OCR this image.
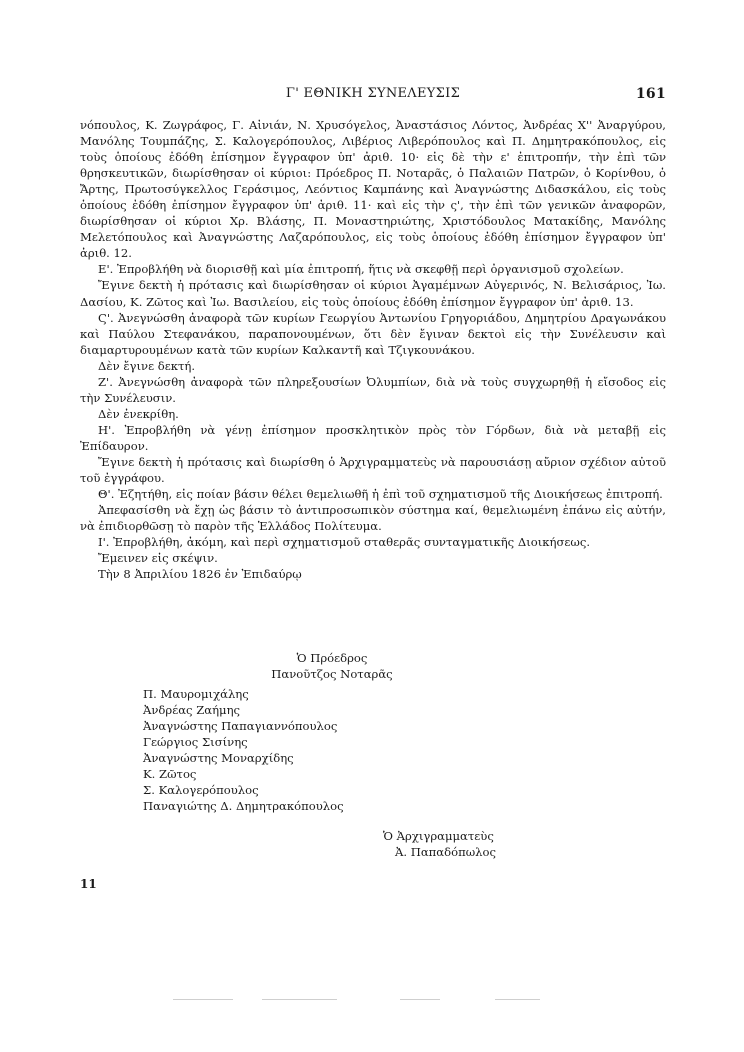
Γ' ΕΘΝΙΚΗ ΣΥΝΕΛΕΥΣΙΣ	161

νόπουλος, Κ. Ζωγράφος, Γ. Αἰνιάν, Ν. Χρυσόγελος, Ἀναστάσιος Λόντος, Ἀνδρέας Χ'' Ἀναργύρου, Μανόλης Τουμπάζης, Σ. Καλογερόπουλος, Λιβέριος Λιβερόπουλος καὶ Π. Δημητρακόπουλος, εἰς τοὺς ὁποίους ἐδόθη ἐπίσημον ἔγγραφον ὑπ' ἀριθ. 10· εἰς δὲ τὴν ε' ἐπιτροπήν, τὴν ἐπὶ τῶν θρησκευτικῶν, διωρίσθησαν οἱ κύριοι: Πρόεδρος Π. Νοταρᾶς, ὁ Παλαιῶν Πατρῶν, ὁ Κορίνθου, ὁ Ἄρτης, Πρωτοσύγκελλος Γεράσιμος, Λεόντιος Καμπάνης καὶ Ἀναγνώστης Διδασκάλου, εἰς τοὺς ὁποίους ἐδόθη ἐπίσημον ἔγγραφον ὑπ' ἀριθ. 11· καὶ εἰς τὴν ς', τὴν ἐπὶ τῶν γενικῶν ἀναφορῶν, διωρίσθησαν οἱ κύριοι Χρ. Βλάσης, Π. Μοναστηριώτης, Χριστόδουλος Ματακίδης, Μανόλης Μελετόπουλος καὶ Ἀναγνώστης Λαζαρόπουλος, εἰς τοὺς ὁποίους ἐδόθη ἐπίσημον ἔγγραφον ὑπ' ἀριθ. 12.

Ε'. Ἐπροβλήθη νὰ διορισθῇ καὶ μία ἐπιτροπή, ἥτις νὰ σκεφθῇ περὶ ὀργανισμοῦ σχολείων.

Ἔγινε δεκτὴ ἡ πρότασις καὶ διωρίσθησαν οἱ κύριοι Ἀγαμέμνων Αὐγερινός, Ν. Βελισάριος, Ἰω. Δασίου, Κ. Ζῶτος καὶ Ἰω. Βασιλείου, εἰς τοὺς ὁποίους ἐδόθη ἐπίσημον ἔγγραφον ὑπ' ἀριθ. 13.

Ϛ'. Ἀνεγνώσθη ἀναφορὰ τῶν κυρίων Γεωργίου Ἀντωνίου Γρηγοριάδου, Δημητρίου Δραγωνάκου καὶ Παύλου Στεφανάκου, παραπονουμένων, ὅτι δὲν ἔγιναν δεκτοὶ εἰς τὴν Συνέλευσιν καὶ διαμαρτυρουμένων κατὰ τῶν κυρίων Καλκαντῆ καὶ Τζιγκουνάκου.

Δὲν ἔγινε δεκτή.

Ζ'. Ἀνεγνώσθη ἀναφορὰ τῶν πληρεξουσίων Ὀλυμπίων, διὰ νὰ τοὺς συγχωρηθῇ ἡ εἴσοδος εἰς τὴν Συνέλευσιν.

Δὲν ἐνεκρίθη.

Η'. Ἐπροβλήθη νὰ γένῃ ἐπίσημον προσκλητικὸν πρὸς τὸν Γόρδων, διὰ νὰ μεταβῇ εἰς Ἐπίδαυρον.

Ἔγινε δεκτὴ ἡ πρότασις καὶ διωρίσθη ὁ Ἀρχιγραμματεὺς νὰ παρουσιάσῃ αὔριον σχέδιον αὐτοῦ τοῦ ἐγγράφου.

Θ'. Ἐζητήθη, εἰς ποίαν βάσιν θέλει θεμελιωθῆ ἡ ἐπὶ τοῦ σχηματισμοῦ τῆς Διοικήσεως ἐπιτροπή.

Ἀπεφασίσθη νὰ ἔχῃ ὡς βάσιν τὸ ἀντιπροσωπικὸν σύστημα καί, θεμελιωμένη ἐπάνω εἰς αὐτήν, νὰ ἐπιδιορθῶσῃ τὸ παρὸν τῆς Ἑλλάδος Πολίτευμα.

Ι'. Ἐπροβλήθη, ἀκόμη, καὶ περὶ σχηματισμοῦ σταθερᾶς συνταγματικῆς Διοικήσεως.

Ἔμεινεν εἰς σκέψιν.

Τὴν 8 Ἀπριλίου 1826 ἐν Ἐπιδαύρῳ

Ὁ Πρόεδρος
Πανοῦτζος Νοταρᾶς
Π. Μαυρομιχάλης
Ἀνδρέας Ζαήμης
Ἀναγνώστης Παπαγιαννόπουλος
Γεώργιος Σισίνης
Ἀναγνώστης Μοναρχίδης
Κ. Ζῶτος
Σ. Καλογερόπουλος
Παναγιώτης Δ. Δημητρακόπουλος
Ὁ Ἀρχιγραμματεὺς
Ἀ. Παπαδόπωλος
11
